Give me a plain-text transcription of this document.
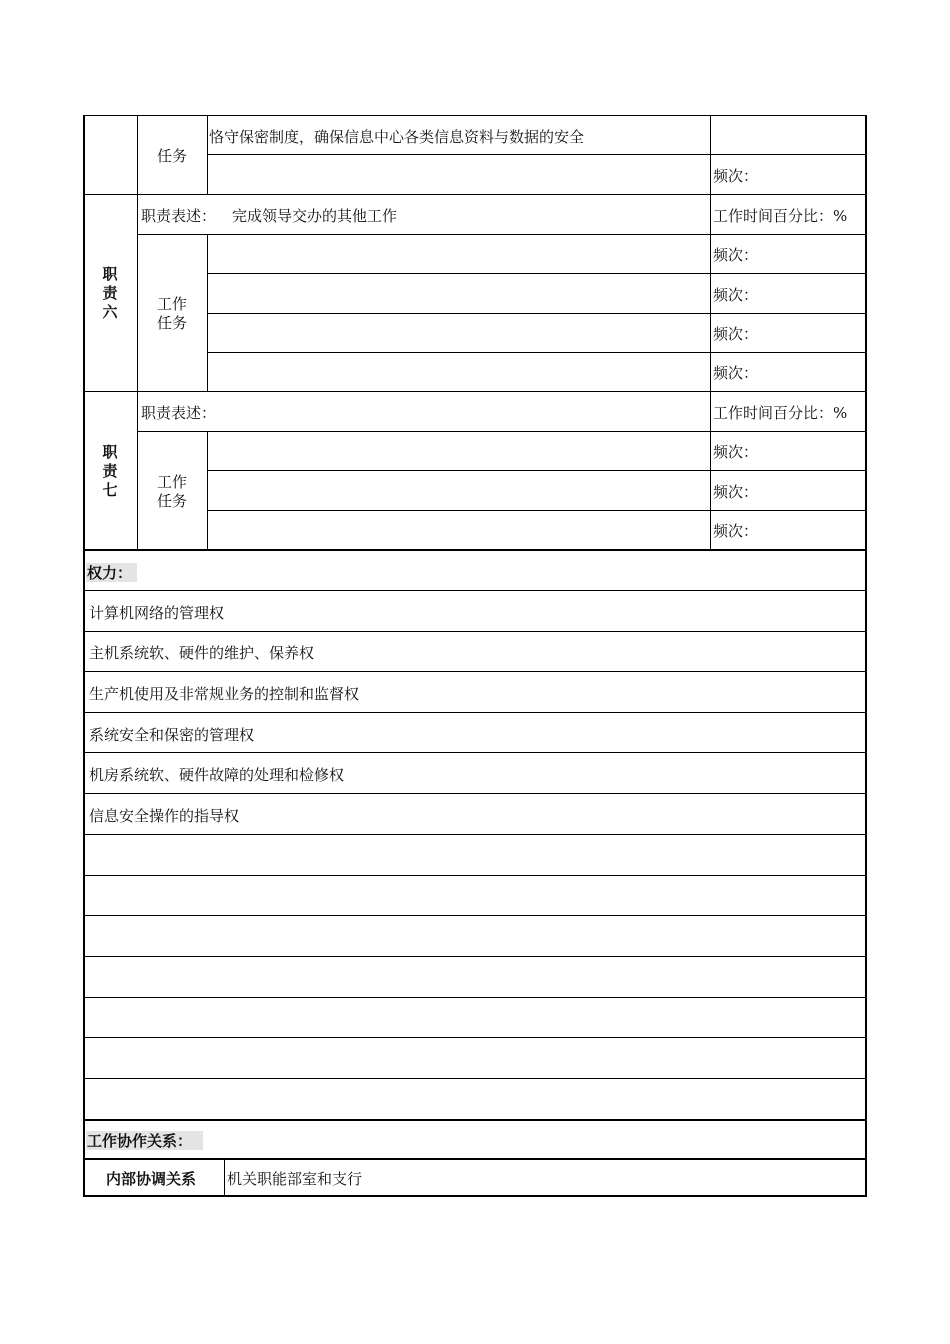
任务
恪守保密制度，确保信息中心各类信息资料与数据的安全
频次：
职
责
六
职责表述： 完成领导交办的其他工作	工作时间百分比：%
工作
任务
频次：
频次：
频次：
频次：
职
责
七
职责表述：	工作时间百分比：%
工作
任务
频次：
频次：
频次：
权力：
计算机网络的管理权
主机系统软、硬件的维护、保养权
生产机使用及非常规业务的控制和监督权
系统安全和保密的管理权
机房系统软、硬件故障的处理和检修权
信息安全操作的指导权
工作协作关系：
内部协调关系 机关职能部室和支行
